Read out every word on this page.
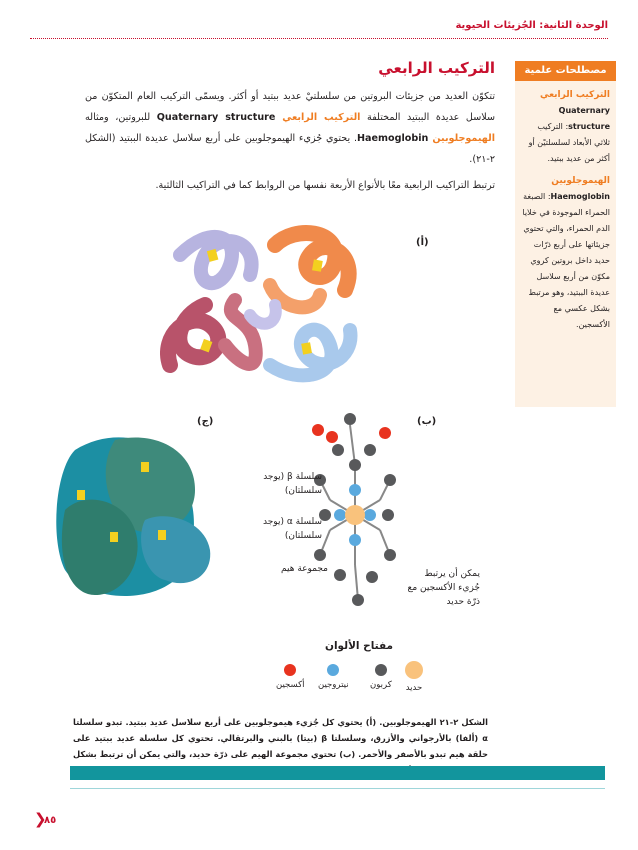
الوحدة الثانية: الجُزيئات الحيوية
مصطلحات علمية
التركيب الرابعي
Quaternary structure: التركيب ثلاثي الأبعاد لسلسلتيْن أو أكثر من عديد ببتيد.
الهيموجلوبين
Haemoglobin: الصبغة الحمراء الموجودة في خلايا الدم الحمراء، والتي تحتوي جزيئاتها على أربع ذرّات حديد داخل بروتين كروي مكوّن من أربع سلاسل عديدة الببتيد، وهو مرتبط بشكل عكسي مع الأكسجين.
التركيب الرابعي
تتكوّن العديد من جزيئات البروتين من سلسلتيْ عديد ببتيد أو أكثر. ويسمّى التركيب العام المتكوّن من سلاسل عديدة الببتيد المختلفة التركيب الرابعي Quaternary structure للبروتين، ومثاله الهيموجلوبين Haemoglobin. يحتوي جُزيء الهيموجلوبين على أربع سلاسل عديدة الببتيد (الشكل ٢-٢١).
ترتبط التراكيب الرابعية معًا بالأنواع الأربعة نفسها من الروابط كما في التراكيب الثالثية.
(أ)
(ب)
يمكن أن يرتبط جُزيء الأكسجين مع ذرّة حديد
(ج)
سلسلة β (يوجد سلسلتان)
سلسلة α (يوجد سلسلتان)
مجموعة هيم
مفتاح الألوان
حديد
كربون
نيتروجين
أكسجين
الشكل ٢-٢١ الهيموجلوبين. (أ) يحتوي كل جُزيء هيموجلوبين على أربع سلاسل عديد ببتيد. تبدو سلسلتا α (ألفا) بالأرجواني والأزرق، وسلسلتا β (بيتا) بالبني والبرتقالي. تحتوي كل سلسلة عديد ببتيد على حلقة هيم تبدو بالأصفر والأحمر. (ب) تحتوي مجموعة الهيم على ذرّة حديد، والتي يمكن أن ترتبط بشكل
❮
٨٥
